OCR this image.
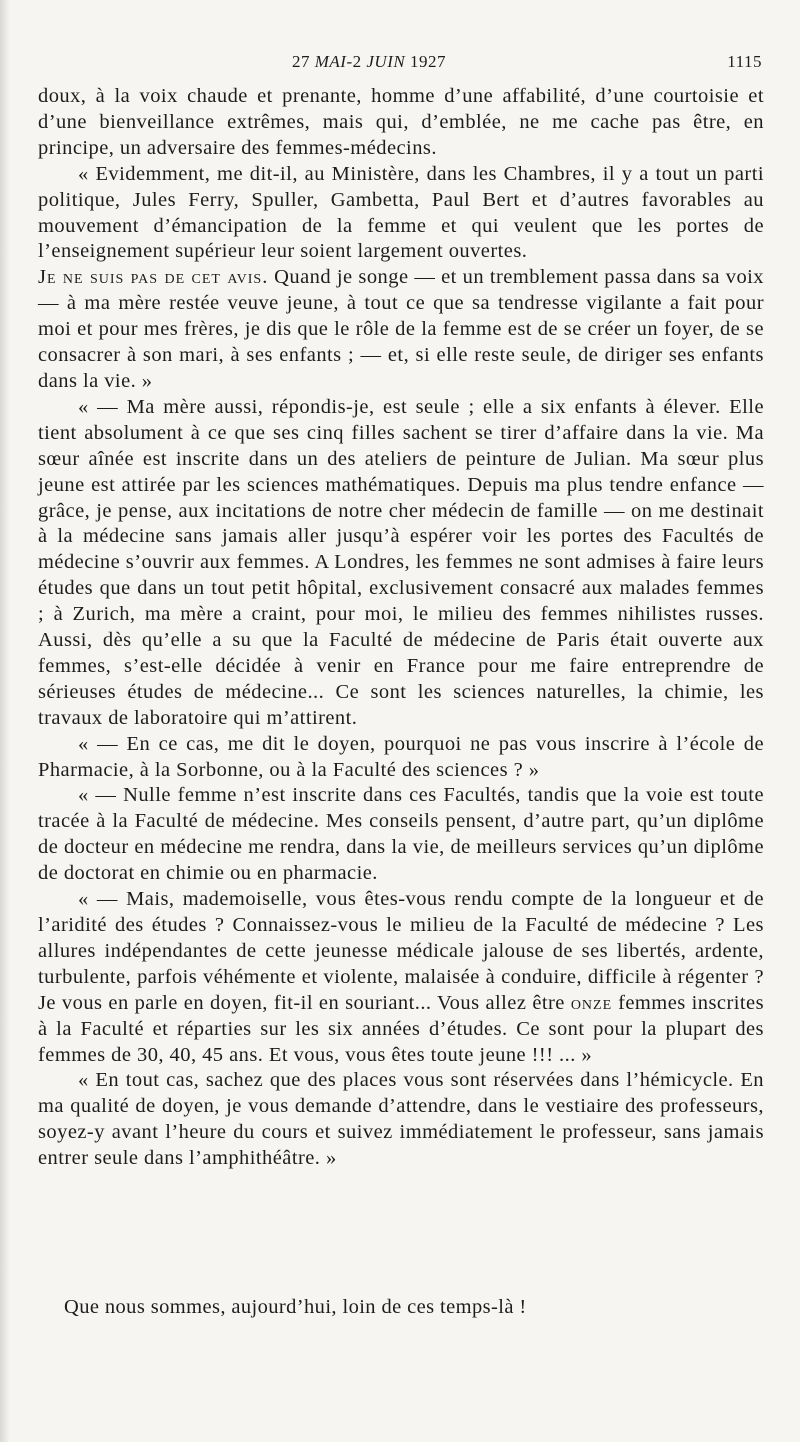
27 MAI-2 JUIN 1927	1115

doux, à la voix chaude et prenante, homme d’une affabilité, d’une courtoisie et d’une bienveillance extrêmes, mais qui, d’emblée, ne me cache pas être, en principe, un adversaire des femmes-médecins.

« Evidemment, me dit-il, au Ministère, dans les Chambres, il y a tout un parti politique, Jules Ferry, Spuller, Gambetta, Paul Bert et d’autres favorables au mouvement d’émancipation de la femme et qui veulent que les portes de l’enseignement supérieur leur soient largement ouvertes.

Je ne suis pas de cet avis. Quand je songe — et un tremblement passa dans sa voix — à ma mère restée veuve jeune, à tout ce que sa tendresse vigilante a fait pour moi et pour mes frères, je dis que le rôle de la femme est de se créer un foyer, de se consacrer à son mari, à ses enfants ; — et, si elle reste seule, de diriger ses enfants dans la vie. »

« — Ma mère aussi, répondis-je, est seule ; elle a six enfants à élever. Elle tient absolument à ce que ses cinq filles sachent se tirer d’affaire dans la vie. Ma sœur aînée est inscrite dans un des ateliers de peinture de Julian. Ma sœur plus jeune est attirée par les sciences mathématiques. Depuis ma plus tendre enfance — grâce, je pense, aux incitations de notre cher médecin de famille — on me destinait à la médecine sans jamais aller jusqu’à espérer voir les portes des Facultés de médecine s’ouvrir aux femmes. A Londres, les femmes ne sont admises à faire leurs études que dans un tout petit hôpital, exclusivement consacré aux malades femmes ; à Zurich, ma mère a craint, pour moi, le milieu des femmes nihilistes russes. Aussi, dès qu’elle a su que la Faculté de médecine de Paris était ouverte aux femmes, s’est-elle décidée à venir en France pour me faire entreprendre de sérieuses études de médecine... Ce sont les sciences naturelles, la chimie, les travaux de laboratoire qui m’attirent.

« — En ce cas, me dit le doyen, pourquoi ne pas vous inscrire à l’école de Pharmacie, à la Sorbonne, ou à la Faculté des sciences ? »

« — Nulle femme n’est inscrite dans ces Facultés, tandis que la voie est toute tracée à la Faculté de médecine. Mes conseils pensent, d’autre part, qu’un diplôme de docteur en médecine me rendra, dans la vie, de meilleurs services qu’un diplôme de doctorat en chimie ou en pharmacie.

« — Mais, mademoiselle, vous êtes-vous rendu compte de la longueur et de l’aridité des études ? Connaissez-vous le milieu de la Faculté de médecine ? Les allures indépendantes de cette jeunesse médicale jalouse de ses libertés, ardente, turbulente, parfois véhémente et violente, malaisée à conduire, difficile à régenter ? Je vous en parle en doyen, fit-il en souriant... Vous allez être onze femmes inscrites à la Faculté et réparties sur les six années d’études. Ce sont pour la plupart des femmes de 30, 40, 45 ans. Et vous, vous êtes toute jeune !!! ... »

« En tout cas, sachez que des places vous sont réservées dans l’hémicycle. En ma qualité de doyen, je vous demande d’attendre, dans le vestiaire des professeurs, soyez-y avant l’heure du cours et suivez immédiatement le professeur, sans jamais entrer seule dans l’amphithéâtre. »

Que nous sommes, aujourd’hui, loin de ces temps-là !
